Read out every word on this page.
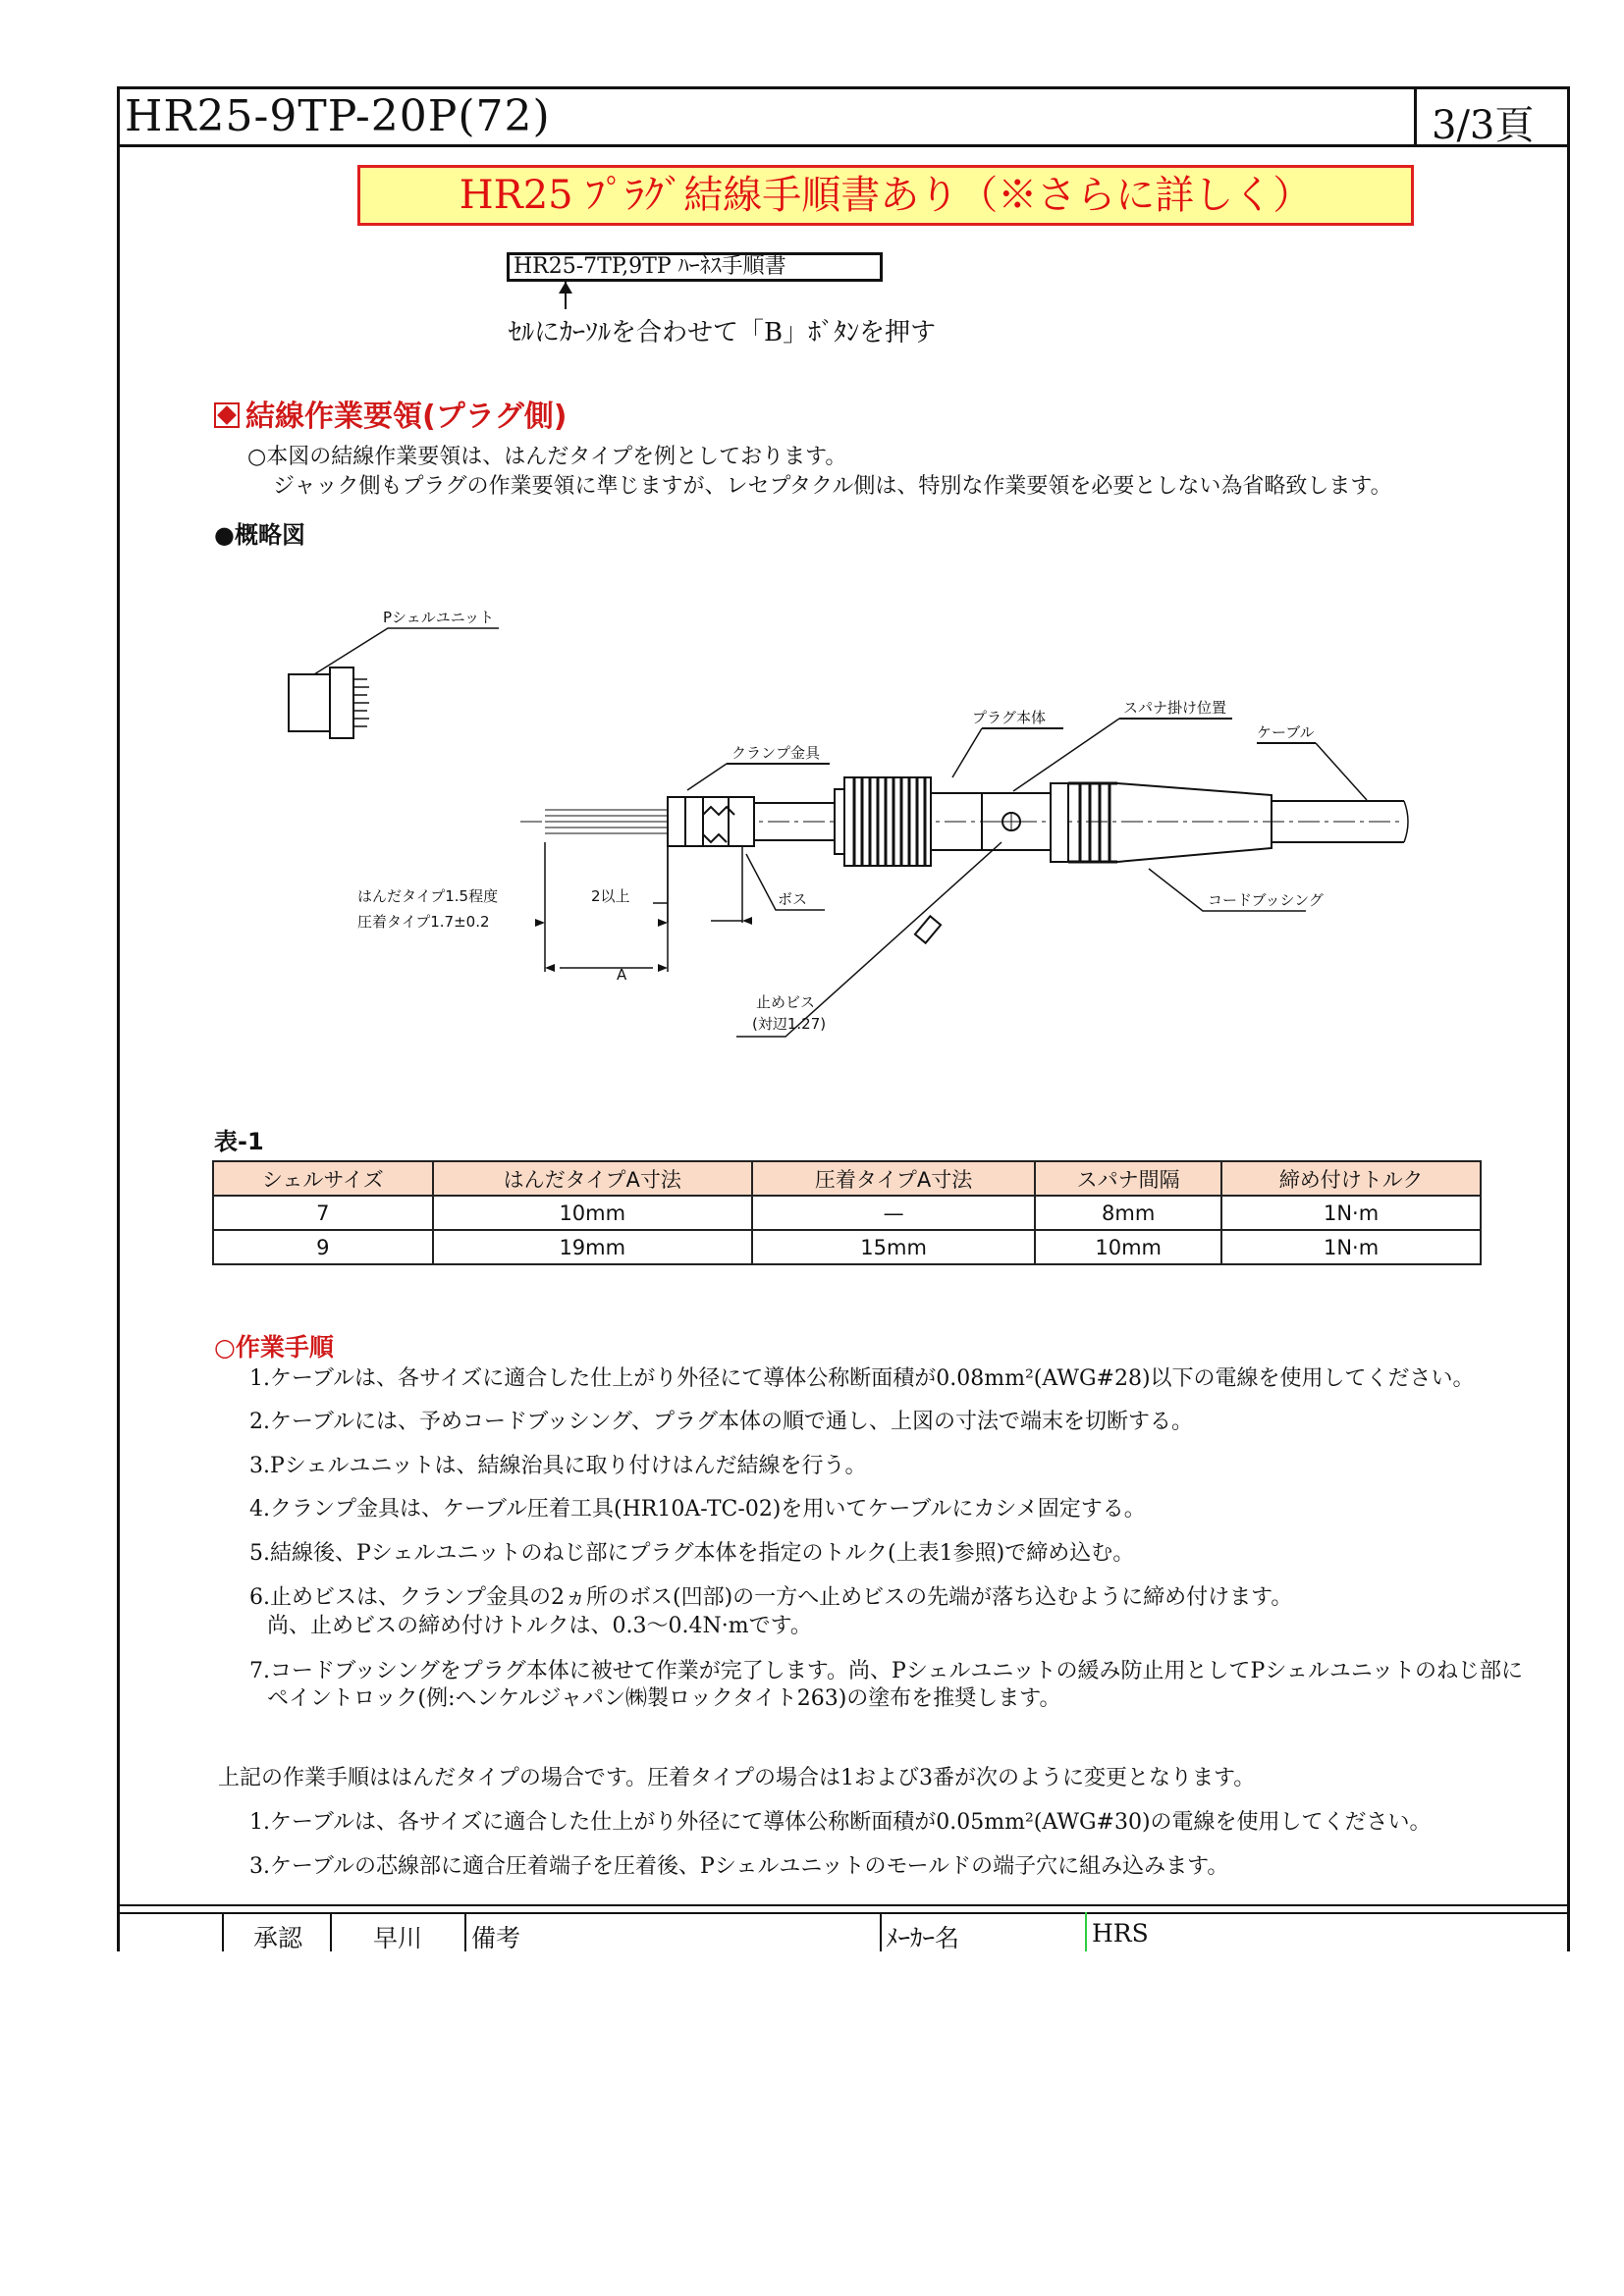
HR25-9TP-20P(72)	3/3頁
HR25 ﾌﾟﾗｸﾞ結線手順書あり（※さらに詳しく）
HR25-7TP,9TP ﾊｰﾈｽ手順書
ｾﾙにｶｰｿﾙを合わせて「B」ﾎﾞﾀﾝを押す
結線作業要領(プラグ側)
○本図の結線作業要領は、はんだタイプを例としております。
ジャック側もプラグの作業要領に準じますが、レセプタクル側は、特別な作業要領を必要としない為省略致します。
●概略図
Pシェルユニット
プラグ本体
スパナ掛け位置
ケーブル
クランプ金具
ボス	コードブッシング
はんだタイプ1.5程度
圧着タイプ1.7±0.2
2以上
A
止めビス
(対辺1.27)
表-1
シェルサイズ	はんだタイプA寸法	圧着タイプA寸法	スパナ間隔	締め付けトルク
7	10mm	—	8mm	1N·m
9	19mm	15mm	10mm	1N·m
○作業手順
1.ケーブルは、各サイズに適合した仕上がり外径にて導体公称断面積が0.08mm²(AWG#28)以下の電線を使用してください。
2.ケーブルには、予めコードブッシング、プラグ本体の順で通し、上図の寸法で端末を切断する。
3.Pシェルユニットは、結線治具に取り付けはんだ結線を行う。
4.クランプ金具は、ケーブル圧着工具(HR10A-TC-02)を用いてケーブルにカシメ固定する。
5.結線後、Pシェルユニットのねじ部にプラグ本体を指定のトルク(上表1参照)で締め込む。
6.止めビスは、クランプ金具の2ヵ所のボス(凹部)の一方へ止めビスの先端が落ち込むように締め付けます。
尚、止めビスの締め付けトルクは、0.3～0.4N·mです。
7.コードブッシングをプラグ本体に被せて作業が完了します。尚、Pシェルユニットの緩み防止用としてPシェルユニットのねじ部に
ペイントロック(例:ヘンケルジャパン㈱製ロックタイト263)の塗布を推奨します。
上記の作業手順ははんだタイプの場合です。圧着タイプの場合は1および3番が次のように変更となります。
1.ケーブルは、各サイズに適合した仕上がり外径にて導体公称断面積が0.05mm²(AWG#30)の電線を使用してください。
3.ケーブルの芯線部に適合圧着端子を圧着後、Pシェルユニットのモールドの端子穴に組み込みます。
承認	早川 備考	ﾒｰｶｰ名	HRS
